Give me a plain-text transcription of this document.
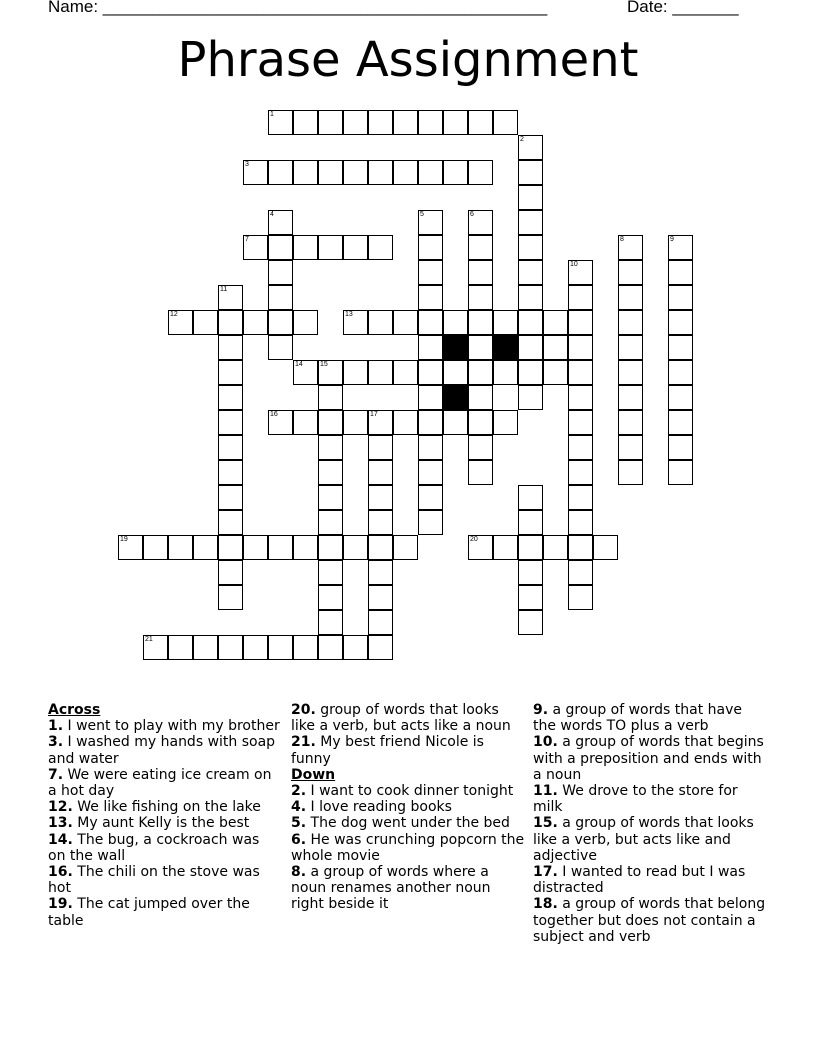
Name: _______________________________________________	Date: _______
Phrase Assignment
1
2
3
4
7
5	6
8	9
10
11
12	13
14 15
16	17
19	20
21
Across
1. I went to play with my brother
3. I washed my hands with soap and water
7. We were eating ice cream on a hot day
12. We like fishing on the lake
13. My aunt Kelly is the best
14. The bug, a cockroach was on the wall
16. The chili on the stove was hot
19. The cat jumped over the table
20. group of words that looks like a verb, but acts like a noun
21. My best friend Nicole is funny
Down
2. I want to cook dinner tonight
4. I love reading books
5. The dog went under the bed
6. He was crunching popcorn the whole movie
8. a group of words where a noun renames another noun right beside it
9. a group of words that have the words TO plus a verb
10. a group of words that begins with a preposition and ends with a noun
11. We drove to the store for milk
15. a group of words that looks like a verb, but acts like and adjective
17. I wanted to read but I was distracted
18. a group of words that belong together but does not contain a subject and verb
